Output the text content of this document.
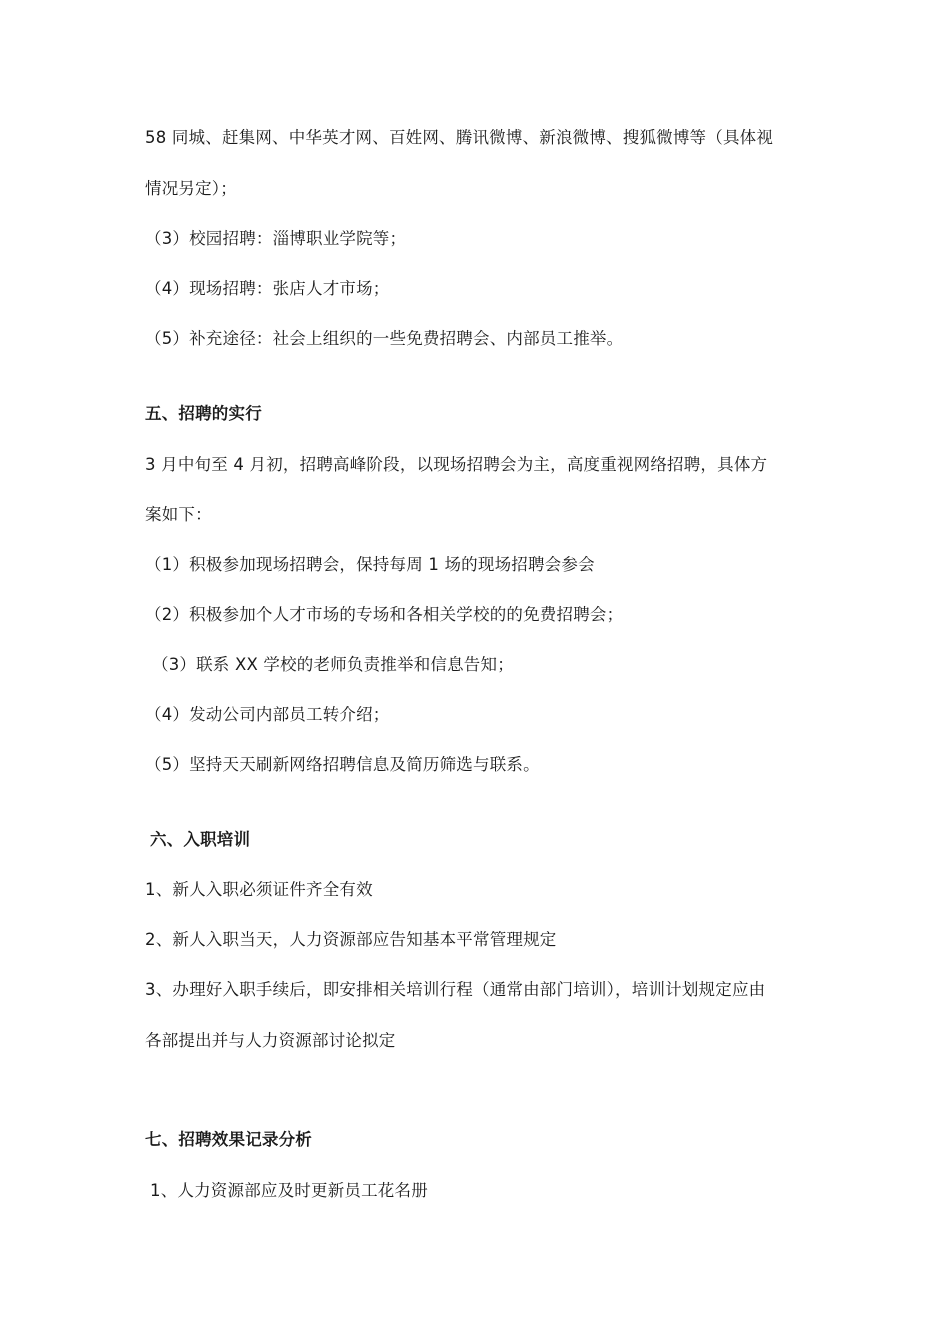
58 同城、赶集网、中华英才网、百姓网、腾讯微博、新浪微博、搜狐微博等（具体视
情况另定）；
（3）校园招聘：淄博职业学院等；
（4）现场招聘：张店人才市场；
（5）补充途径：社会上组织的一些免费招聘会、内部员工推举。
五、招聘的实行
3 月中旬至 4 月初，招聘高峰阶段，以现场招聘会为主，高度重视网络招聘，具体方
案如下：
（1）积极参加现场招聘会，保持每周 1 场的现场招聘会参会
（2）积极参加个人才市场的专场和各相关学校的的免费招聘会；
（3）联系 XX 学校的老师负责推举和信息告知；
（4）发动公司内部员工转介绍；
（5）坚持天天刷新网络招聘信息及简历筛选与联系。
六、入职培训
1、新人入职必须证件齐全有效
2、新人入职当天，人力资源部应告知基本平常管理规定
3、办理好入职手续后，即安排相关培训行程（通常由部门培训），培训计划规定应由
各部提出并与人力资源部讨论拟定
七、招聘效果记录分析
1、人力资源部应及时更新员工花名册
